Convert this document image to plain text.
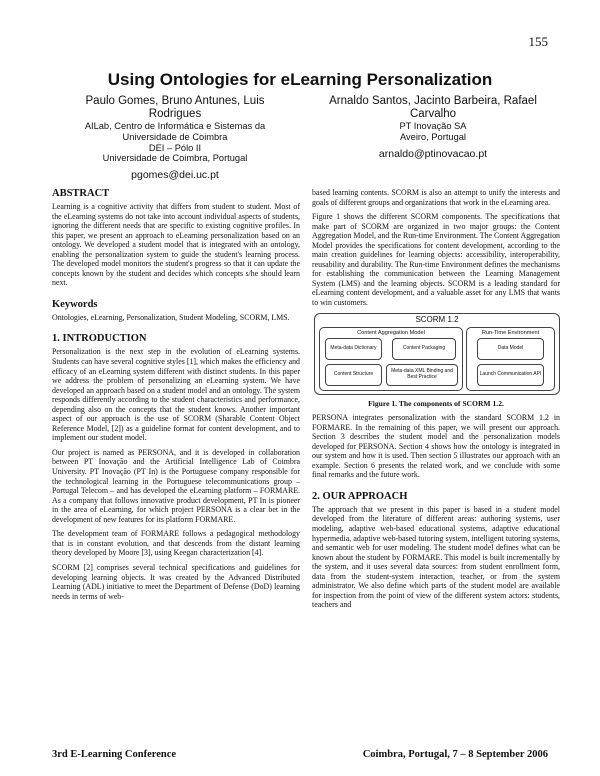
155
Using Ontologies for eLearning Personalization
Paulo Gomes, Bruno Antunes, Luis Rodrigues
AILab, Centro de Informática e Sistemas da
Universidade de Coimbra
DEI – Pólo II
Universidade de Coimbra, Portugal
pgomes@dei.uc.pt
Arnaldo Santos, Jacinto Barbeira, Rafael Carvalho
PT Inovação SA
Aveiro, Portugal
arnaldo@ptinovacao.pt
ABSTRACT

Learning is a cognitive activity that differs from student to student. Most of the eLearning systems do not take into account individual aspects of students, ignoring the different needs that are specific to existing cognitive profiles. In this paper, we present an approach to eLearning personalization based on an ontology. We developed a student model that is integrated with an ontology, enabling the personalization system to guide the student's learning process. The developed model monitors the student's progress so that it can update the concepts known by the student and decides which concepts s/he should learn next.

Keywords

Ontologies, eLearning, Personalization, Student Modeling, SCORM, LMS.

1. INTRODUCTION

Personalization is the next step in the evolution of eLearning systems. Students can have several cognitive styles [1], which makes the efficiency and efficacy of an eLearning system different with distinct students. In this paper we address the problem of personalizing an eLearning system. We have developed an approach based on a student model and an ontology. The system responds differently according to the student characteristics and performance, depending also on the concepts that the student knows. Another important aspect of our approach is the use of SCORM (Sharable Content Object Reference Model, [2]) as a guideline format for content development, and to implement our student model.

Our project is named as PERSONA, and it is developed in collaboration between PT Inovação and the Artificial Intelligence Lab of Coimbra University. PT Inovação (PT In) is the Portuguese company responsible for the technological learning in the Portuguese telecommunications group – Portugal Telecom – and has developed the eLearning platform – FORMARE. As a company that follows innovative product development, PT In is pioneer in the area of eLearning, for which project PERSONA is a clear bet in the development of new features for its platform FORMARE.

The development team of FORMARE follows a pedagogical methodology that is in constant evolution, and that descends from the distant learning theory developed by Moore [3], using Keegan characterization [4].

SCORM [2] comprises several technical specifications and guidelines for developing learning objects. It was created by the Advanced Distributed Learning (ADL) initiative to meet the Department of Defense (DoD) learning needs in terms of web-

based learning contents. SCORM is also an attempt to unify the interests and goals of different groups and organizations that work in the eLearning area.

Figure 1 shows the different SCORM components. The specifications that make part of SCORM are organized in two major groups: the Content Aggregation Model, and the Run-time Environment. The Content Aggregation Model provides the specifications for content development, according to the main creation guidelines for learning objects: accessibility, interoperability, reusability and durability. The Run-time Environment defines the mechanisms for establishing the communication between the Learning Management System (LMS) and the learning objects. SCORM is a leading standard for eLearning content development, and a valuable asset for any LMS that wants to win customers.

SCORM 1.2
Content Aggregation Model
Meta-data Dictionary	Content Packaging
Content Structure	Meta-data XML Binding and Best Practice
Run-Time Environment
Data Model
Launch Communication API
Figure 1. The components of SCORM 1.2.

PERSONA integrates personalization with the standard SCORM 1.2 in FORMARE. In the remaining of this paper, we will present our approach. Section 3 describes the student model and the personalization models developed for PERSONA. Section 4 shows how the ontology is integrated in our system and how it is used. Then section 5 illustrates our approach with an example. Section 6 presents the related work, and we conclude with some final remarks and the future work.

2. OUR APPROACH

The approach that we present in this paper is based in a student model developed from the literature of different areas: authoring systems, user modeling, adaptive web-based educational systems, adaptive educational hypermedia, adaptive web-based tutoring system, intelligent tutoring systems, and semantic web for user modeling. The student model defines what can be known about the student by FORMARE. This model is built incrementally by the system, and it uses several data sources: from student enrollment form, data from the student-system interaction, teacher, or from the system administrator. We also define which parts of the student model are available for inspection from the point of view of the different system actors: students, teachers and

3rd E-Learning Conference	Coimbra, Portugal, 7 – 8 September 2006
